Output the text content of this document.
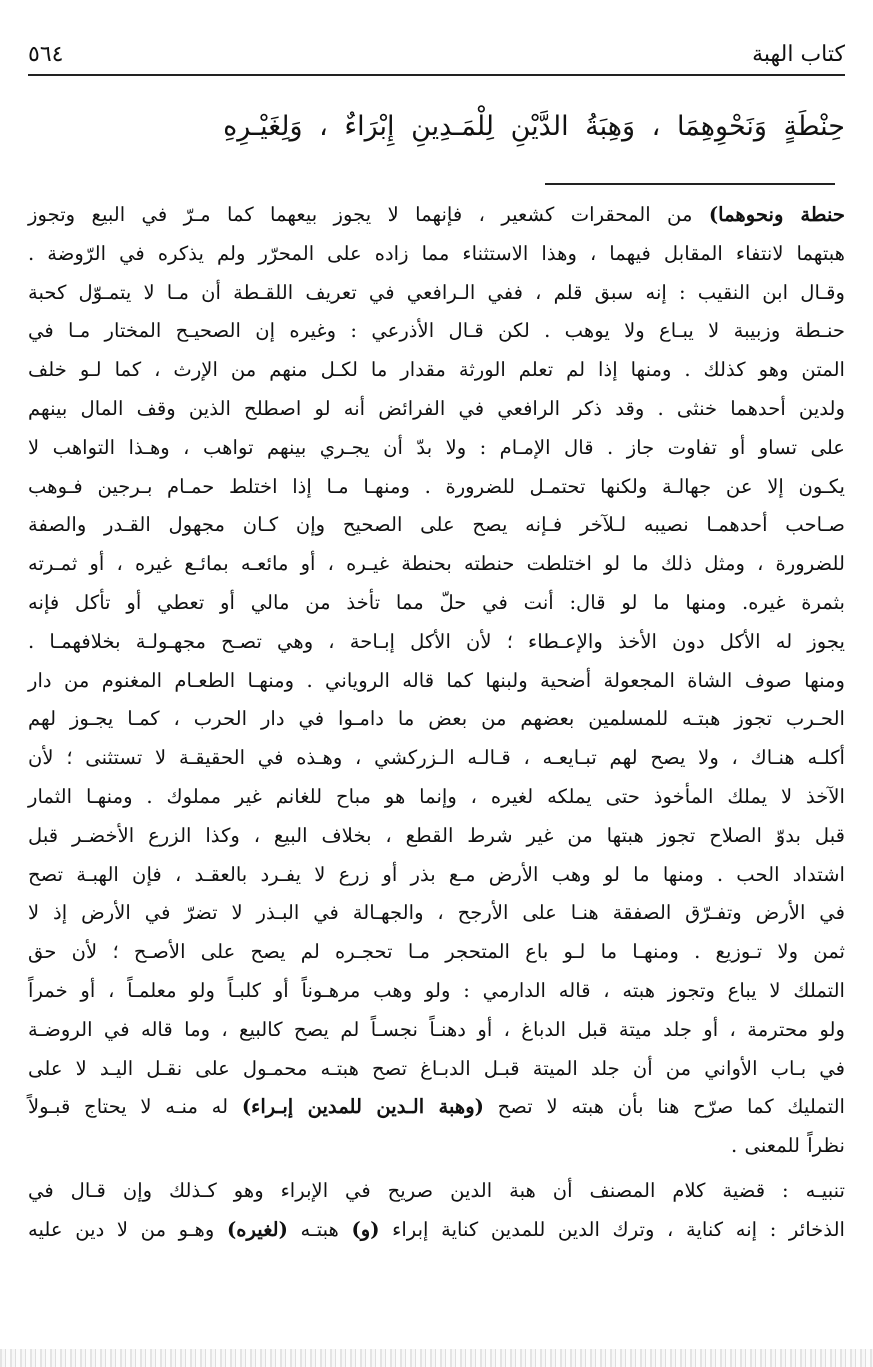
كتاب الهبة
٥٦٤
حِنْطَةٍ وَنَحْوِهِمَا ، وَهِبَةُ الدَّيْنِ لِلْمَـدِينِ إِبْرَاءٌ ، وَلِغَيْـرِهِ

حنطة ونحوهما) من المحقرات كشعير ، فإنهما لا يجوز بيعهما كما مـرّ في البيع وتجوز
هبتهما لانتفاء المقابل فيهما ، وهذا الاستثناء مما زاده على المحرّر ولم يذكره في الرّوضة .
وقـال ابن النقيب : إنه سبق قلم ، ففي الـرافعي في تعريف اللقـطة أن مـا لا يتمـوّل كحبة
حنـطة وزبيبة لا يبـاع ولا يوهب . لكن قـال الأذرعي : وغيره إن الصحيـح المختار مـا في
المتن وهو كذلك . ومنها إذا لم تعلم الورثة مقدار ما لكـل منهم من الإرث ، كما لـو خلف
ولدين أحدهما خنثى . وقد ذكر الرافعي في الفرائض أنه لو اصطلح الذين وقف المال بينهم
على تساو أو تفاوت جاز . قال الإمـام : ولا بدّ أن يجـري بينهم تواهب ، وهـذا التواهب لا
يكـون إلا عن جهالـة ولكنها تحتمـل للضرورة . ومنهـا مـا إذا اختلط حمـام بـرجين فـوهب
صـاحب أحدهمـا نصيبه لـلآخر فـإنه يصح على الصحيح وإن كـان مجهول القـدر والصفة
للضرورة ، ومثل ذلك ما لو اختلطت حنطته بحنطة غيـره ، أو مائعـه بمائـع غيره ، أو ثمـرته
بثمرة غيره. ومنها ما لو قال: أنت في حلّ مما تأخذ من مالي أو تعطي أو تأكل فإنه
يجوز له الأكل دون الأخذ والإعـطاء ؛ لأن الأكل إبـاحة ، وهي تصـح مجهـولـة بخلافهمـا .
ومنها صوف الشاة المجعولة أضحية ولبنها كما قاله الروياني . ومنهـا الطعـام المغنوم من دار
الحـرب تجوز هبتـه للمسلمين بعضهم من بعض ما دامـوا في دار الحرب ، كمـا يجـوز لهم
أكلـه هنـاك ، ولا يصح لهم تبـايعـه ، قـالـه الـزركشي ، وهـذه في الحقيقـة لا تستثنى ؛ لأن
الآخذ لا يملك المأخوذ حتى يملكه لغيره ، وإنما هو مباح للغانم غير مملوك . ومنهـا الثمار
قبل بدوّ الصلاح تجوز هبتها من غير شرط القطع ، بخلاف البيع ، وكذا الزرع الأخضـر قبل
اشتداد الحب . ومنها ما لو وهب الأرض مـع بذر أو زرع لا يفـرد بالعقـد ، فإن الهبـة تصح
في الأرض وتفـرّق الصفقة هنـا على الأرجح ، والجهـالة في البـذر لا تضرّ في الأرض إذ لا
ثمن ولا تـوزيع . ومنهـا ما لـو باع المتحجر مـا تحجـره لم يصح على الأصـح ؛ لأن حق
التملك لا يباع وتجوز هبته ، قاله الدارمي : ولو وهب مرهـوناً أو كلبـاً ولو معلمـاً ، أو خمراً
ولو محترمة ، أو جلد ميتة قبل الدباغ ، أو دهنـاً نجسـاً لم يصح كالبيع ، وما قاله في الروضـة
في بـاب الأواني من أن جلد الميتة قبـل الدبـاغ تصح هبتـه محمـول على نقـل اليـد لا على
التمليك كما صرّح هنا بأن هبته لا تصح (وهبة الـدين للمدين إبـراء) له منـه لا يحتاج قبـولاً
نظراً للمعنى .

تنبيـه : قضية كلام المصنف أن هبة الدين صريح في الإبراء وهو كـذلك وإن قـال في
الذخائر : إنه كناية ، وترك الدين للمدين كناية إبراء (و) هبتـه (لغيره) وهـو من لا دين عليه
